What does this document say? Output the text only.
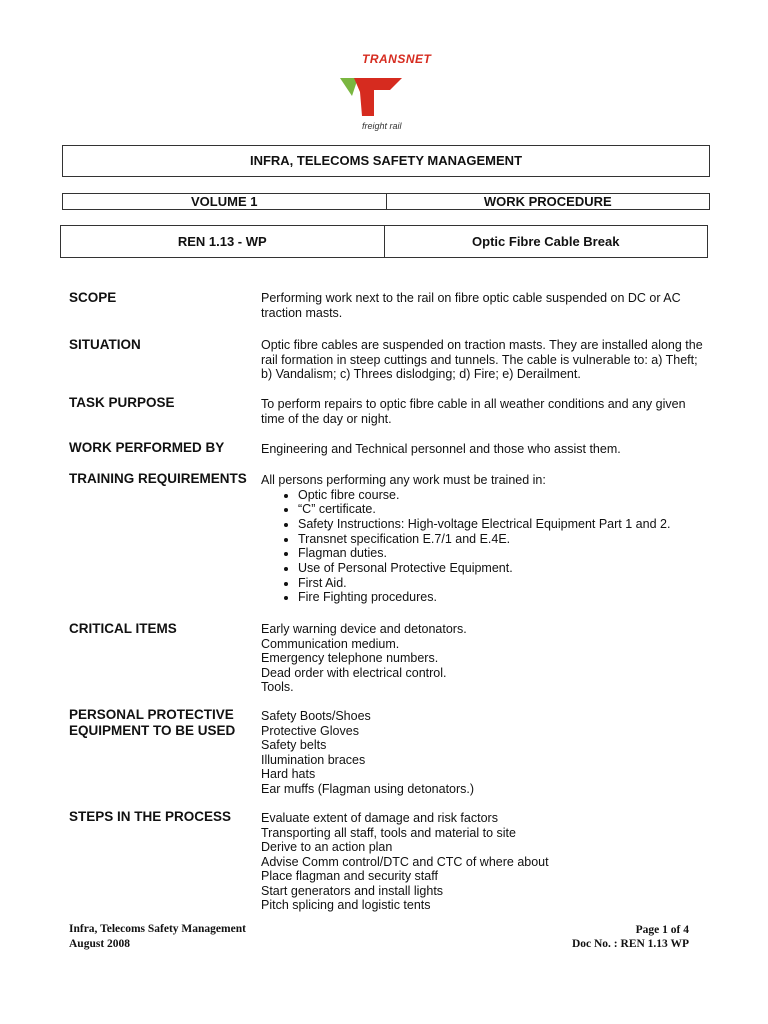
TRANSNET
freight rail
INFRA, TELECOMS SAFETY MANAGEMENT
VOLUME 1	WORK PROCEDURE
REN 1.13 - WP	Optic Fibre Cable Break
SCOPE	Performing work next to the rail on fibre optic cable suspended on DC or AC traction masts.
SITUATION	Optic fibre cables are suspended on traction masts. They are installed along the rail formation in steep cuttings and tunnels. The cable is vulnerable to: a) Theft; b) Vandalism; c) Threes dislodging; d) Fire; e) Derailment.
TASK PURPOSE	To perform repairs to optic fibre cable in all weather conditions and any given time of the day or night.
WORK PERFORMED BY	Engineering and Technical personnel and those who assist them.
TRAINING REQUIREMENTS All persons performing any work must be trained in:
• Optic fibre course.
• “C” certificate.
• Safety Instructions: High-voltage Electrical Equipment Part 1 and 2.
• Transnet specification E.7/1 and E.4E.
• Flagman duties.
• Use of Personal Protective Equipment.
• First Aid.
• Fire Fighting procedures.
CRITICAL ITEMS	Early warning device and detonators.
Communication medium.
Emergency telephone numbers.
Dead order with electrical control.
Tools.
PERSONAL PROTECTIVE
EQUIPMENT TO BE USED
Safety Boots/Shoes
Protective Gloves
Safety belts
Illumination braces
Hard hats
Ear muffs (Flagman using detonators.)
STEPS IN THE PROCESS Evaluate extent of damage and risk factors
Transporting all staff, tools and material to site
Derive to an action plan
Advise Comm control/DTC and CTC of where about
Place flagman and security staff
Start generators and install lights
Pitch splicing and logistic tents
Infra, Telecoms Safety Management
August 2008
Page 1 of 4
Doc No. : REN 1.13 WP
